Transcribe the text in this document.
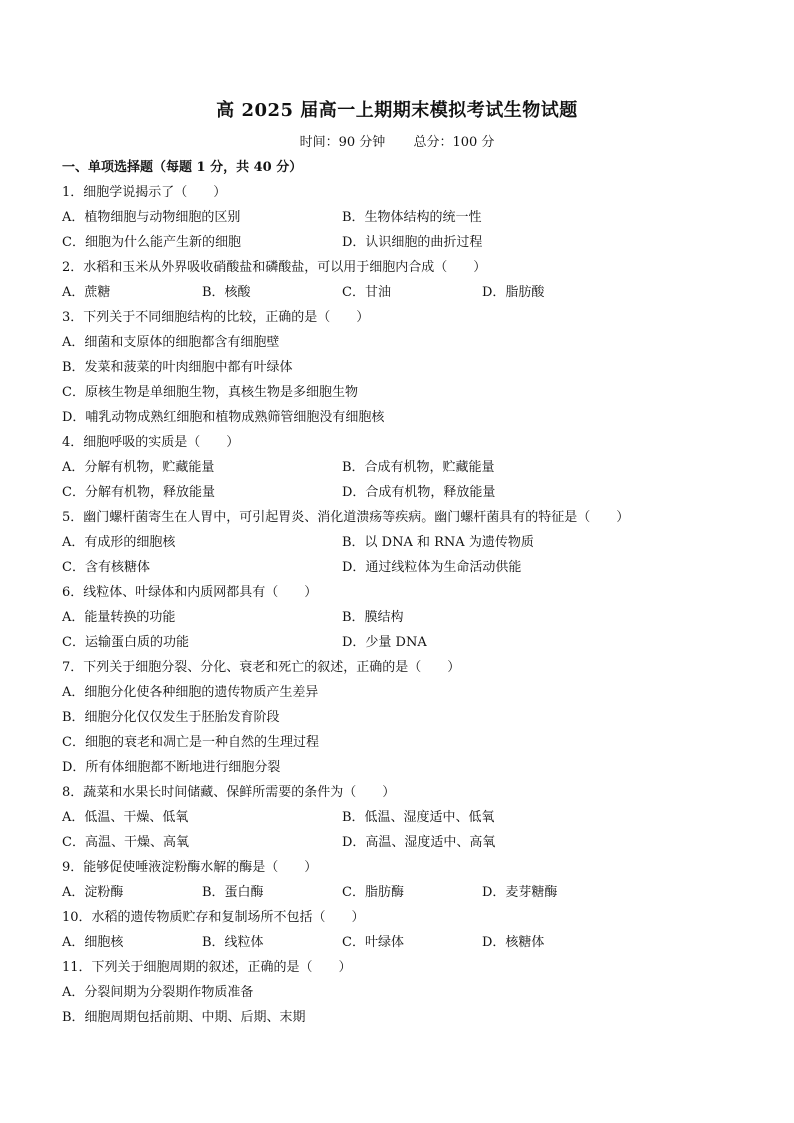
高 2025 届高一上期期末模拟考试生物试题
时间：90 分钟 总分：100 分
一、单项选择题（每题 1 分，共 40 分）
1．细胞学说揭示了（　　）
A．植物细胞与动物细胞的区别	B．生物体结构的统一性
C．细胞为什么能产生新的细胞	D．认识细胞的曲折过程
2．水稻和玉米从外界吸收硝酸盐和磷酸盐，可以用于细胞内合成（　　）
A．蔗糖	B．核酸	C．甘油	D．脂肪酸
3．下列关于不同细胞结构的比较，正确的是（　　）
A．细菌和支原体的细胞都含有细胞壁
B．发菜和菠菜的叶肉细胞中都有叶绿体
C．原核生物是单细胞生物，真核生物是多细胞生物
D．哺乳动物成熟红细胞和植物成熟筛管细胞没有细胞核
4．细胞呼吸的实质是（　　）
A．分解有机物，贮藏能量	B．合成有机物，贮藏能量
C．分解有机物，释放能量	D．合成有机物，释放能量
5．幽门螺杆菌寄生在人胃中，可引起胃炎、消化道溃疡等疾病。幽门螺杆菌具有的特征是（　　）
A．有成形的细胞核	B．以 DNA 和 RNA 为遗传物质
C．含有核糖体	D．通过线粒体为生命活动供能
6．线粒体、叶绿体和内质网都具有（　　）
A．能量转换的功能	B．膜结构
C．运输蛋白质的功能	D．少量 DNA
7．下列关于细胞分裂、分化、衰老和死亡的叙述，正确的是（　　）
A．细胞分化使各种细胞的遗传物质产生差异
B．细胞分化仅仅发生于胚胎发育阶段
C．细胞的衰老和凋亡是一种自然的生理过程
D．所有体细胞都不断地进行细胞分裂
8．蔬菜和水果长时间储藏、保鲜所需要的条件为（　　）
A．低温、干燥、低氧	B．低温、湿度适中、低氧
C．高温、干燥、高氧	D．高温、湿度适中、高氧
9．能够促使唾液淀粉酶水解的酶是（　　）
A．淀粉酶	B．蛋白酶	C．脂肪酶	D．麦芽糖酶
10．水稻的遗传物质贮存和复制场所不包括（　　）
A．细胞核	B．线粒体	C．叶绿体	D．核糖体
11．下列关于细胞周期的叙述，正确的是（　　）
A．分裂间期为分裂期作物质准备
B．细胞周期包括前期、中期、后期、末期
